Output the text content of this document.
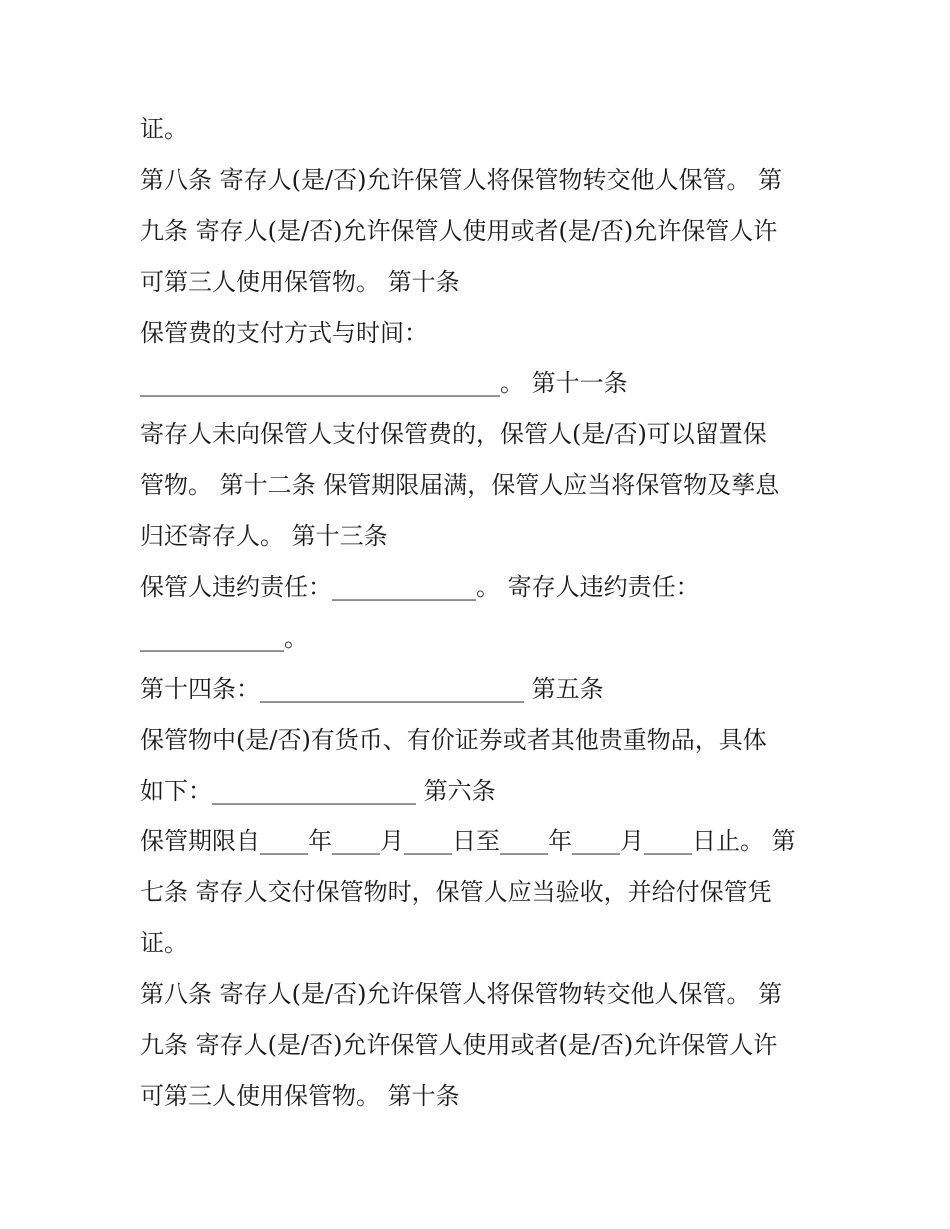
证。
第八条 寄存人(是/否)允许保管人将保管物转交他人保管。 第
九条 寄存人(是/否)允许保管人使用或者(是/否)允许保管人许
可第三人使用保管物。 第十条
保管费的支付方式与时间：
______________________________。 第十一条
寄存人未向保管人支付保管费的，保管人(是/否)可以留置保
管物。 第十二条 保管期限届满，保管人应当将保管物及孳息
归还寄存人。 第十三条
保管人违约责任：____________。 寄存人违约责任：
____________。
第十四条：______________________ 第五条
保管物中(是/否)有货币、有价证券或者其他贵重物品，具体
如下：_________________ 第六条
保管期限自____年____月____日至____年____月____日止。 第
七条 寄存人交付保管物时，保管人应当验收，并给付保管凭
证。
第八条 寄存人(是/否)允许保管人将保管物转交他人保管。 第
九条 寄存人(是/否)允许保管人使用或者(是/否)允许保管人许
可第三人使用保管物。 第十条
